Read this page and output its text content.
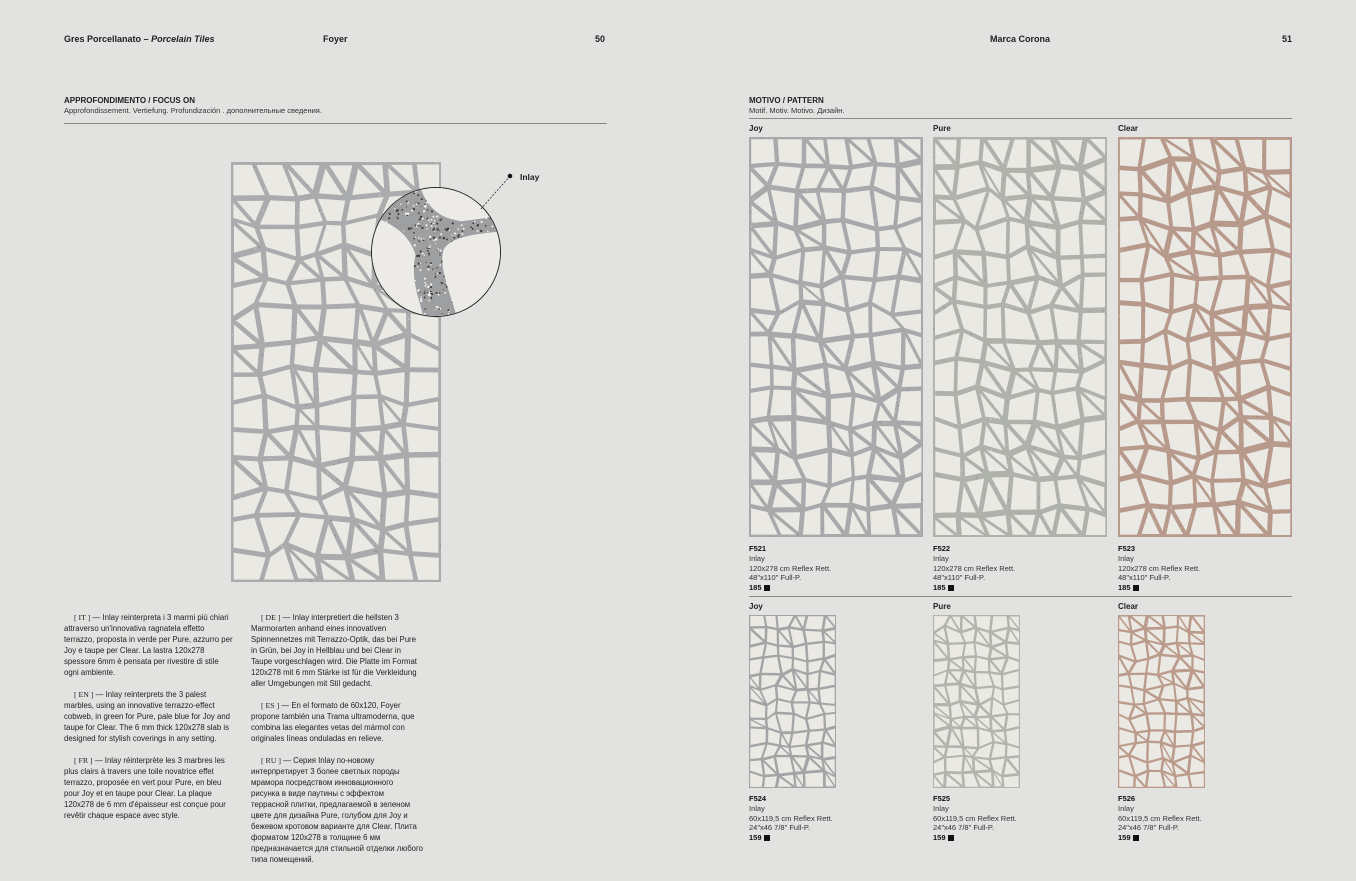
Gres Porcellanato – Porcelain Tiles	Foyer	50	Marca Corona	51
APPROFONDIMENTO / FOCUS ON
Approfondissement. Vertiefung. Profundización . дополнительные сведения.
Inlay

[ IT ] — Inlay reinterpreta i 3 marmi più chiari attraverso un'innovativa ragnatela effetto terrazzo, proposta in verde per Pure, azzurro per Joy e taupe per Clear. La lastra 120x278 spessore 6mm è pensata per rivestire di stile ogni ambiente.

[ EN ] — Inlay reinterprets the 3 palest marbles, using an innovative terrazzo-effect cobweb, in green for Pure, pale blue for Joy and taupe for Clear. The 6 mm thick 120x278 slab is designed for stylish coverings in any setting.

[ FR ] — Inlay réinterprète les 3 marbres les plus clairs à travers une toile novatrice effet terrazzo, proposée en vert pour Pure, en bleu pour Joy et en taupe pour Clear. La plaque 120x278 de 6 mm d'épaisseur est conçue pour revêtir chaque espace avec style.

[ DE ] — Inlay interpretiert die hellsten 3 Marmorarten anhand eines innovativen Spinnennetzes mit Terrazzo-Optik, das bei Pure in Grün, bei Joy in Hellblau und bei Clear in Taupe vorgeschlagen wird. Die Platte im Format 120x278 mit 6 mm Stärke ist für die Verkleidung aller Umgebungen mit Stil gedacht.

[ ES ] — En el formato de 60x120, Foyer propone también una Trama ultramoderna, que combina las elegantes vetas del mármol con originales líneas onduladas en relieve.

[ RU ] — Серия Inlay по-новому интерпретирует 3 более светлых породы мрамора посредством инновационного рисунка в виде паутины с эффектом террасной плитки, предлагаемой в зеленом цвете для дизайна Pure, голубом для Joy и бежевом кротовом варианте для Clear. Плита форматом 120x278 в толщине 6 мм предназначается для стильной отделки любого типа помещений.

MOTIVO / PATTERN
Motif. Motiv. Motivo. Дизайн.
Joy	Pure	Clear
F521
Inlay
120x278 cm Reflex Rett.
48"x110" Full-P.
185
F522
Inlay
120x278 cm Reflex Rett.
48"x110" Full-P.
185
F523
Inlay
120x278 cm Reflex Rett.
48"x110" Full-P.
185
Joy	Pure	Clear
F524
Inlay
60x119,5 cm Reflex Rett.
24"x46 7/8" Full-P.
159
F525
Inlay
60x119,5 cm Reflex Rett.
24"x46 7/8" Full-P.
159
F526
Inlay
60x119,5 cm Reflex Rett.
24"x46 7/8" Full-P.
159
